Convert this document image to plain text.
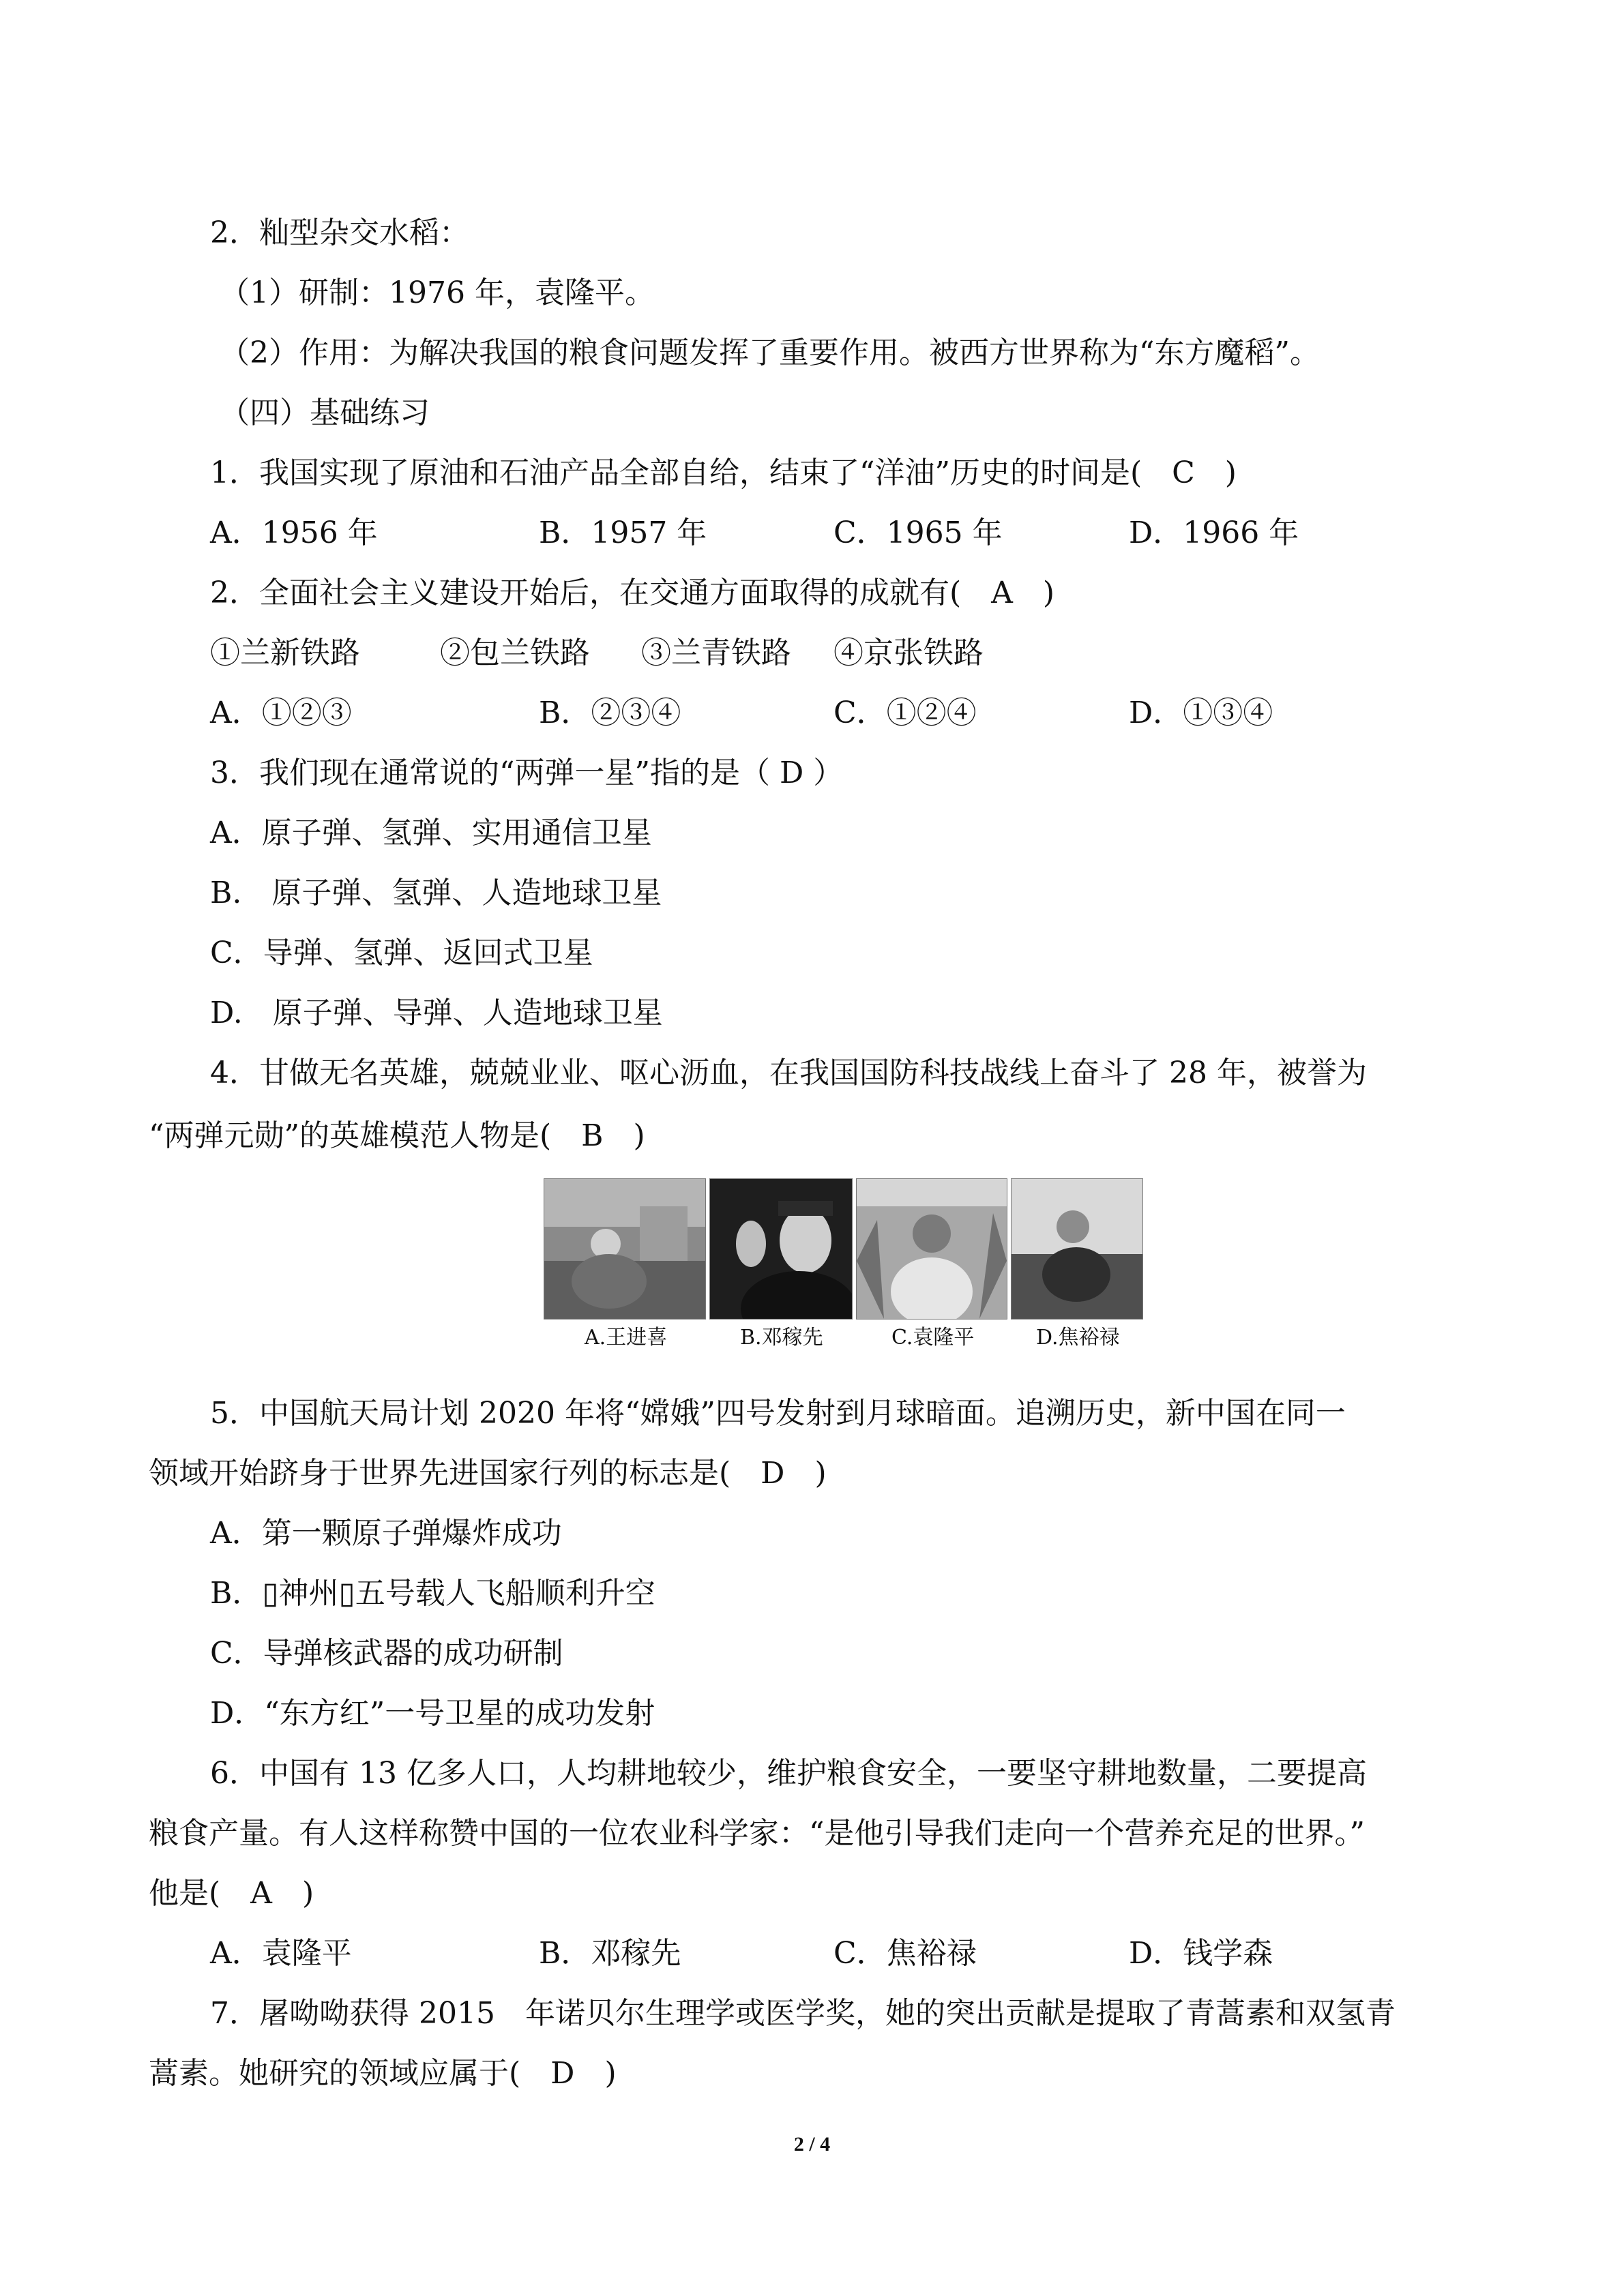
2．籼型杂交水稻：
（1）研制：1976 年，袁隆平。
（2）作用：为解决我国的粮食问题发挥了重要作用。被西方世界称为“东方魔稻”。
（四）基础练习
1．我国实现了原油和石油产品全部自给，结束了“洋油”历史的时间是(　C　)
A．1956 年	B．1957 年	C．1965 年	D．1966 年
2．全面社会主义建设开始后，在交通方面取得的成就有(　A　)
①兰新铁路	②包兰铁路 ③兰青铁路 ④京张铁路
A．①②③	B．②③④	C．①②④	D．①③④
3．我们现在通常说的“两弹一星”指的是（ D ）
A．原子弹、氢弹、实用通信卫星
B.　原子弹、氢弹、人造地球卫星
C．导弹、氢弹、返回式卫星
D.　原子弹、导弹、人造地球卫星
4．甘做无名英雄，兢兢业业、呕心沥血，在我国国防科技战线上奋斗了 28 年，被誉为
“两弹元勋”的英雄模范人物是(　B　)
A.王进喜	B.邓稼先	C.袁隆平	D.焦裕禄
5．中国航天局计划 2020 年将“嫦娥”四号发射到月球暗面。追溯历史，新中国在同一
领域开始跻身于世界先进国家行列的标志是(　D　)
A．第一颗原子弹爆炸成功
B．▯神州▯五号载人飞船顺利升空
C．导弹核武器的成功研制
D．“东方红”一号卫星的成功发射
6．中国有 13 亿多人口，人均耕地较少，维护粮食安全，一要坚守耕地数量，二要提高
粮食产量。有人这样称赞中国的一位农业科学家：“是他引导我们走向一个营养充足的世界。”
他是(　A　)
A．袁隆平	B．邓稼先	C．焦裕禄	D．钱学森
7．屠呦呦获得 2015　年诺贝尔生理学或医学奖，她的突出贡献是提取了青蒿素和双氢青
蒿素。她研究的领域应属于(　D　)
2 / 4
